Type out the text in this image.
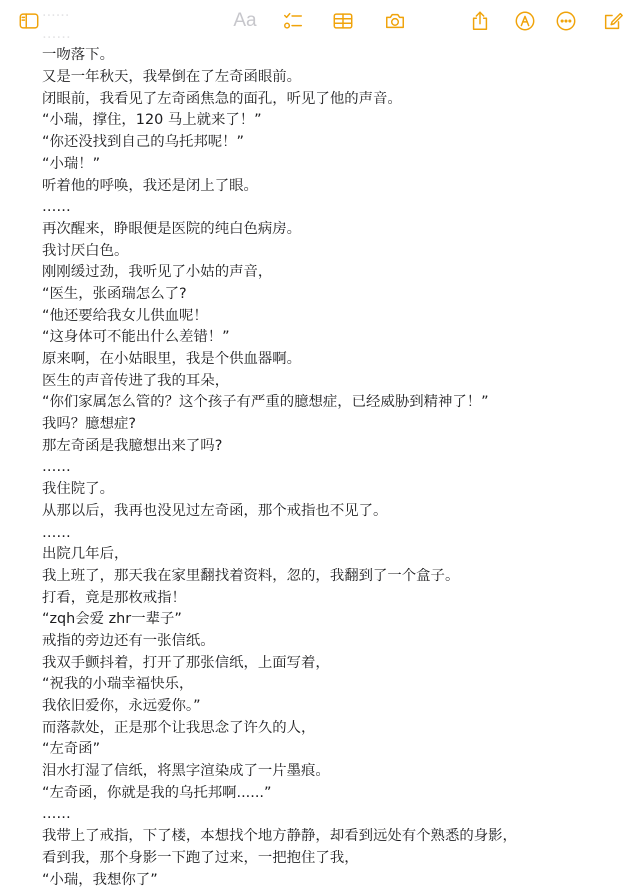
Aa
一吻落下。
又是一年秋天，我晕倒在了左奇函眼前。
闭眼前，我看见了左奇函焦急的面孔，听见了他的声音。
“小瑞，撑住，120 马上就来了！”
“你还没找到自己的乌托邦呢！”
“小瑞！”
听着他的呼唤，我还是闭上了眼。
……
再次醒来，睁眼便是医院的纯白色病房。
我讨厌白色。
刚刚缓过劲，我听见了小姑的声音，
“医生，张函瑞怎么了?
“他还要给我女儿供血呢！
“这身体可不能出什么差错！”
原来啊，在小姑眼里，我是个供血器啊。
医生的声音传进了我的耳朵，
“你们家属怎么管的？这个孩子有严重的臆想症，已经威胁到精神了！”
我吗？臆想症?
那左奇函是我臆想出来了吗?
……
我住院了。
从那以后，我再也没见过左奇函，那个戒指也不见了。
……
出院几年后，
我上班了，那天我在家里翻找着资料，忽的，我翻到了一个盒子。
打看，竟是那枚戒指！
“zqh会爱 zhr一辈子”
戒指的旁边还有一张信纸。
我双手颤抖着，打开了那张信纸，上面写着，
“祝我的小瑞幸福快乐，
我依旧爱你，永远爱你。”
而落款处，正是那个让我思念了许久的人，
“左奇函”
泪水打湿了信纸，将黑字渲染成了一片墨痕。
“左奇函，你就是我的乌托邦啊......”
……
我带上了戒指，下了楼，本想找个地方静静，却看到远处有个熟悉的身影，
看到我，那个身影一下跑了过来，一把抱住了我，
“小瑞，我想你了”
